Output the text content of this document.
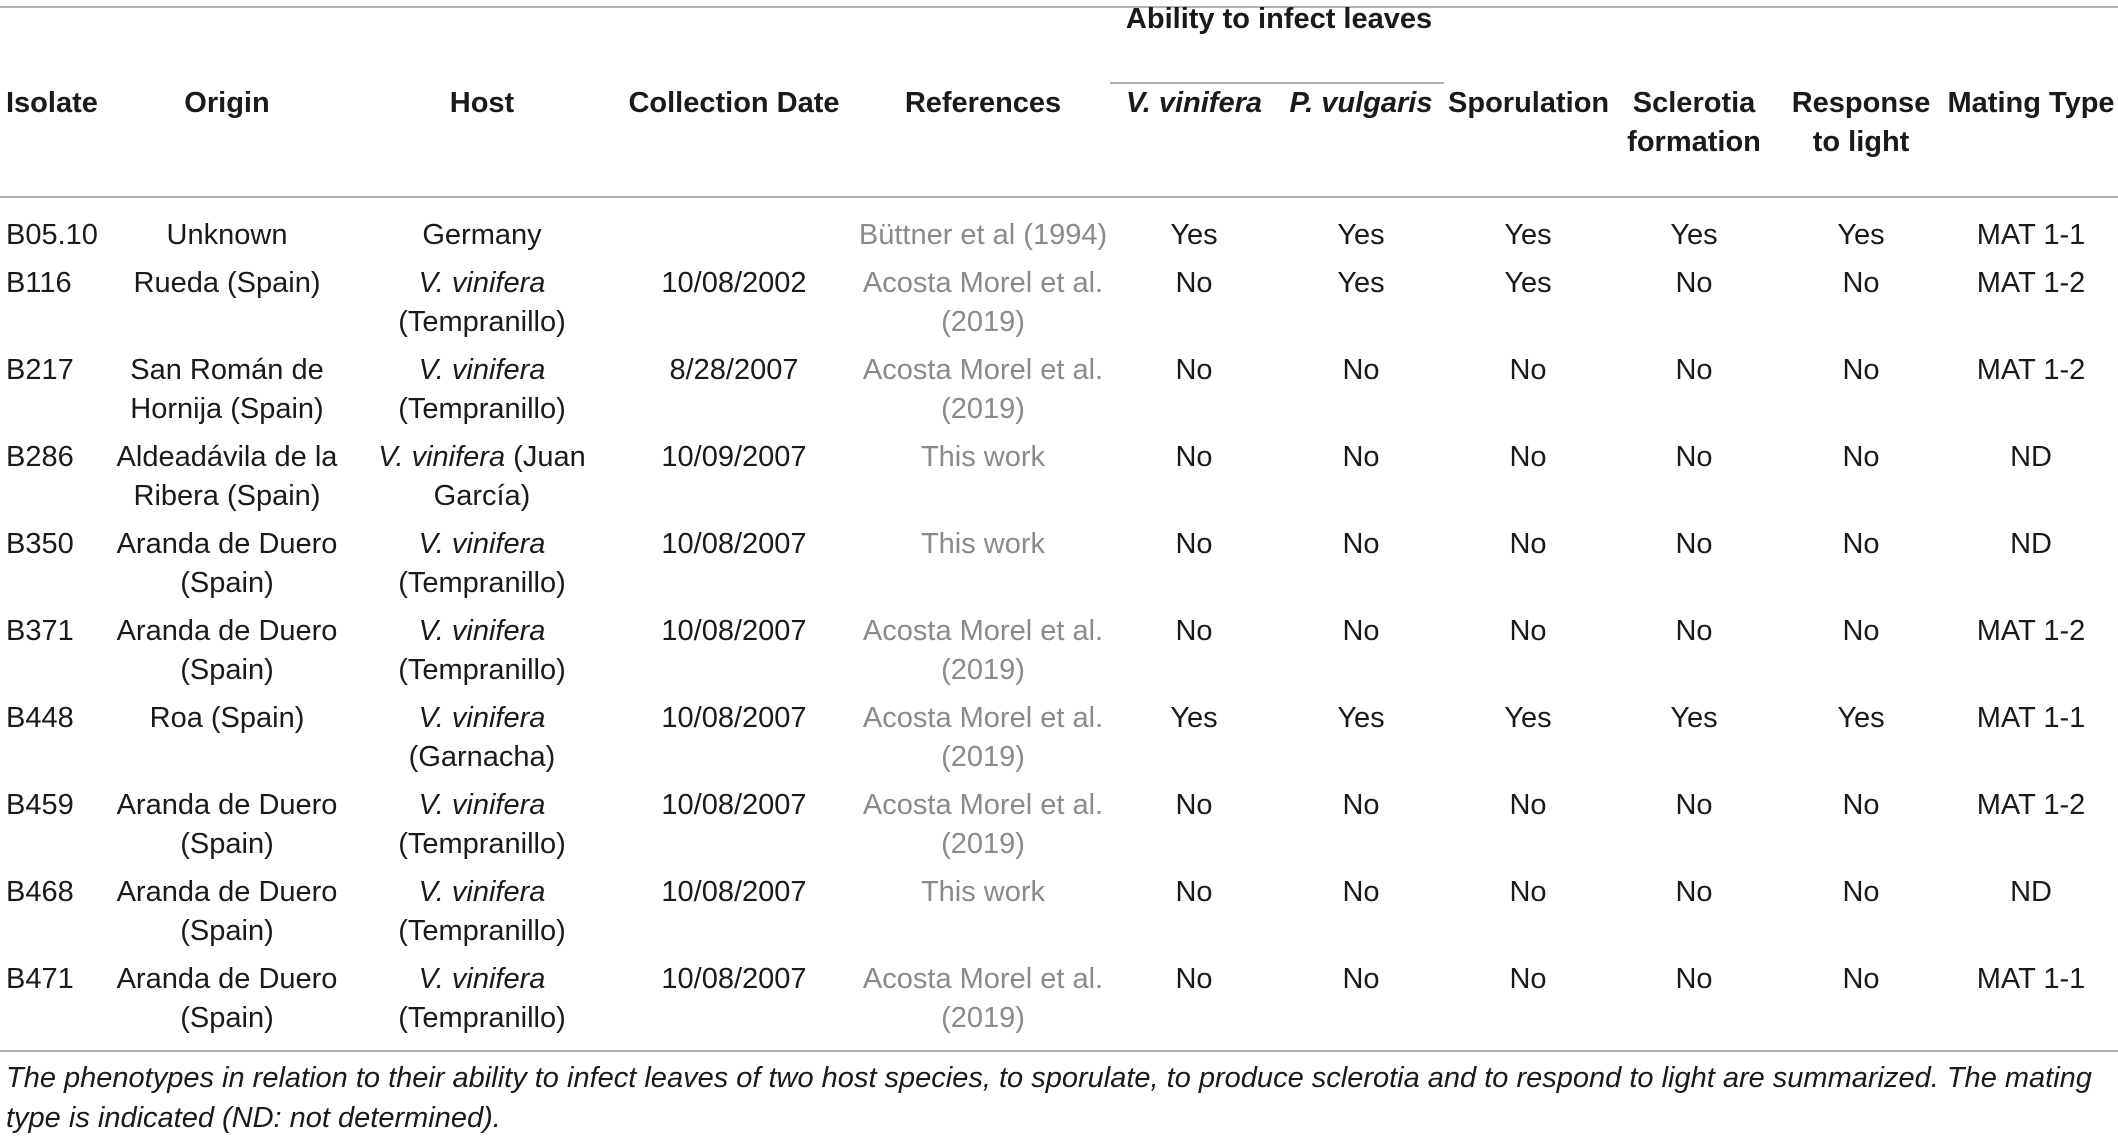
					Ability to infect leaves					
Isolate	Origin	Host	Collection Date	References	V. vinifera	P. vulgaris	Sporulation	Sclerotia formation	Response to light	Mating Type
B05.10	Unknown	Germany		Büttner et al (1994)	Yes	Yes	Yes	Yes	Yes	MAT 1-1
B116	Rueda (Spain)	V. vinifera (Tempranillo)	10/08/2002	Acosta Morel et al. (2019)	No	Yes	Yes	No	No	MAT 1-2
B217	San Román de Hornija (Spain)	V. vinifera (Tempranillo)	8/28/2007	Acosta Morel et al. (2019)	No	No	No	No	No	MAT 1-2
B286	Aldeadávila de la Ribera (Spain)	V. vinifera (Juan García)	10/09/2007	This work	No	No	No	No	No	ND
B350	Aranda de Duero (Spain)	V. vinifera (Tempranillo)	10/08/2007	This work	No	No	No	No	No	ND
B371	Aranda de Duero (Spain)	V. vinifera (Tempranillo)	10/08/2007	Acosta Morel et al. (2019)	No	No	No	No	No	MAT 1-2
B448	Roa (Spain)	V. vinifera (Garnacha)	10/08/2007	Acosta Morel et al. (2019)	Yes	Yes	Yes	Yes	Yes	MAT 1-1
B459	Aranda de Duero (Spain)	V. vinifera (Tempranillo)	10/08/2007	Acosta Morel et al. (2019)	No	No	No	No	No	MAT 1-2
B468	Aranda de Duero (Spain)	V. vinifera (Tempranillo)	10/08/2007	This work	No	No	No	No	No	ND
B471	Aranda de Duero (Spain)	V. vinifera (Tempranillo)	10/08/2007	Acosta Morel et al. (2019)	No	No	No	No	No	MAT 1-1
The phenotypes in relation to their ability to infect leaves of two host species, to sporulate, to produce sclerotia and to respond to light are summarized. The mating type is indicated (ND: not determined).
